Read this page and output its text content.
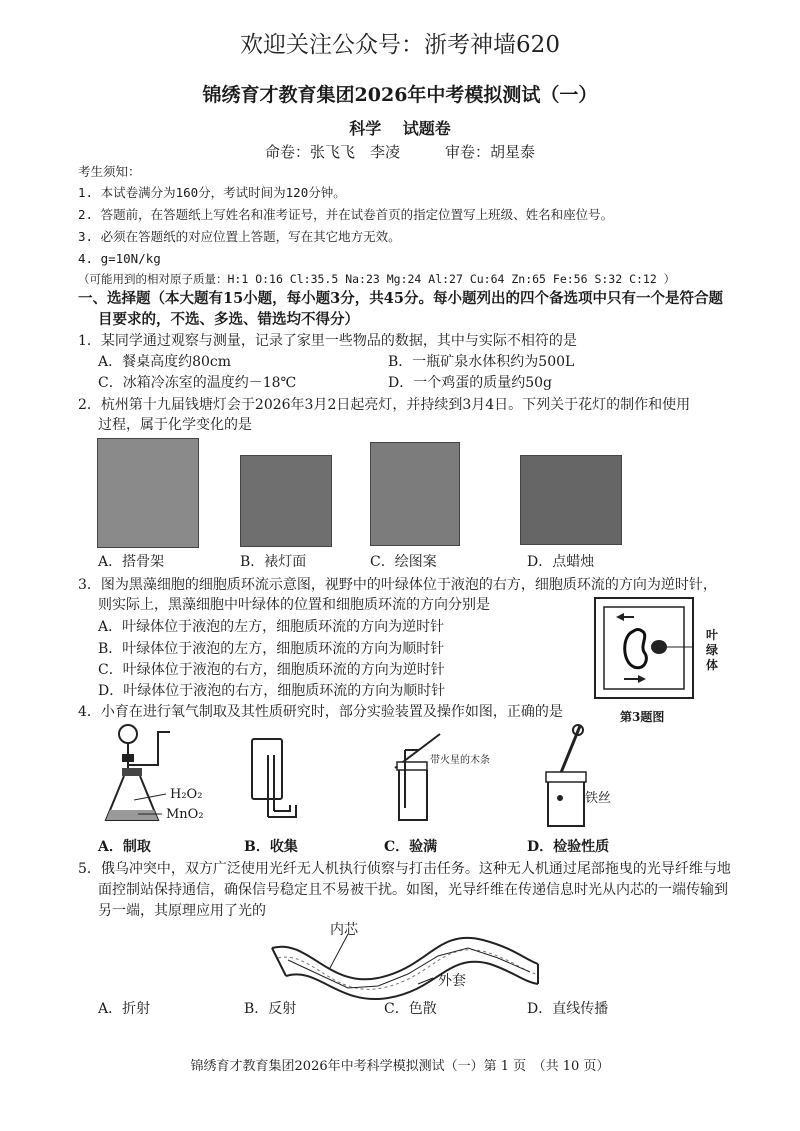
欢迎关注公众号：浙考神墙620
锦绣育才教育集团2026年中考模拟测试（一）
科学　 试题卷
命卷：张飞飞　李凌　　　审卷：胡星泰
考生须知：
1. 本试卷满分为160分，考试时间为120分钟。
2. 答题前，在答题纸上写姓名和准考证号，并在试卷首页的指定位置写上班级、姓名和座位号。
3. 必须在答题纸的对应位置上答题，写在其它地方无效。
4. g=10N/kg
（可能用到的相对原子质量：H:1 O:16 Cl:35.5 Na:23 Mg:24 Al:27 Cu:64 Zn:65 Fe:56 S:32 C:12 ）
一、选择题（本大题有15小题，每小题3分，共45分。每小题列出的四个备选项中只有一个是符合题
目要求的，不选、多选、错选均不得分）
1．某同学通过观察与测量，记录了家里一些物品的数据，其中与实际不相符的是
A．餐桌高度约80cm	B．一瓶矿泉水体积约为500L
C．冰箱冷冻室的温度约－18℃	D．一个鸡蛋的质量约50g
2．杭州第十九届钱塘灯会于2026年3月2日起亮灯，并持续到3月4日。下列关于花灯的制作和使用
过程，属于化学变化的是
A．搭骨架	B．裱灯面	C．绘图案	D．点蜡烛
3．图为黑藻细胞的细胞质环流示意图，视野中的叶绿体位于液泡的右方，细胞质环流的方向为逆时针，
则实际上，黑藻细胞中叶绿体的位置和细胞质环流的方向分别是
A．叶绿体位于液泡的左方，细胞质环流的方向为逆时针
B．叶绿体位于液泡的左方，细胞质环流的方向为顺时针
C．叶绿体位于液泡的右方，细胞质环流的方向为逆时针
D．叶绿体位于液泡的右方，细胞质环流的方向为顺时针
叶绿体
第3题图
4．小育在进行氧气制取及其性质研究时，部分实验装置及操作如图，正确的是
H₂O₂
MnO₂
带火星的木条
铁丝
A．制取	B．收集	C．验满	D．检验性质
5．俄乌冲突中，双方广泛使用光纤无人机执行侦察与打击任务。这种无人机通过尾部拖曳的光导纤维与地
面控制站保持通信，确保信号稳定且不易被干扰。如图，光导纤维在传递信息时光从内芯的一端传输到
另一端，其原理应用了光的
内芯
外套
A．折射	B．反射	C．色散	D．直线传播
锦绣育才教育集团2026年中考科学模拟测试（一）第 1 页　（共 10 页）
